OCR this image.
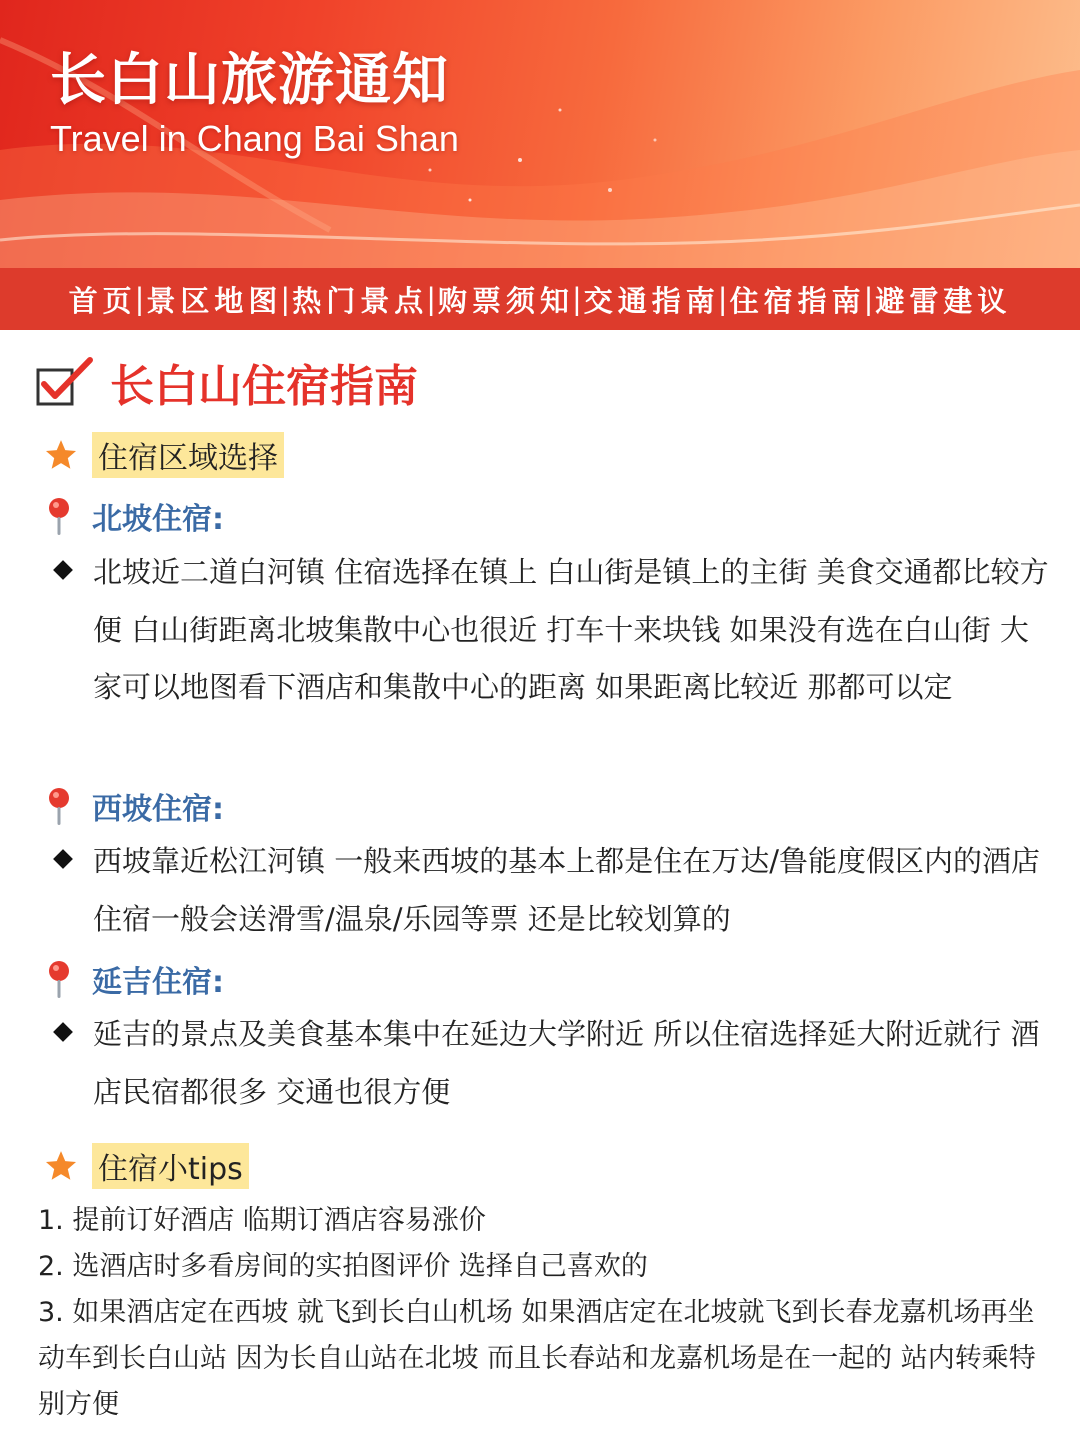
长白山旅游通知
Travel in Chang Bai Shan
首页
| 景区地图
| 热门景点
| 购票须知
| 交通指南
| 住宿指南
| 避雷建议
长白山住宿指南
住宿区域选择
北坡住宿:

北坡近二道白河镇 住宿选择在镇上 白山街是镇上的主街 美食交通都比较方便 白山街距离北坡集散中心也很近 打车十来块钱 如果没有选在白山街 大家可以地图看下酒店和集散中心的距离 如果距离比较近 那都可以定

西坡住宿:

西坡靠近松江河镇 一般来西坡的基本上都是住在万达/鲁能度假区内的酒店 住宿一般会送滑雪/温泉/乐园等票 还是比较划算的

延吉住宿:

延吉的景点及美食基本集中在延边大学附近 所以住宿选择延大附近就行 酒店民宿都很多 交通也很方便

住宿小tips

1. 提前订好酒店 临期订酒店容易涨价

2. 选酒店时多看房间的实拍图评价 选择自己喜欢的

3. 如果酒店定在西坡 就飞到长白山机场 如果酒店定在北坡就飞到长春龙嘉机场再坐动车到长白山站 因为长自山站在北坡 而且长春站和龙嘉机场是在一起的 站内转乘特别方便
